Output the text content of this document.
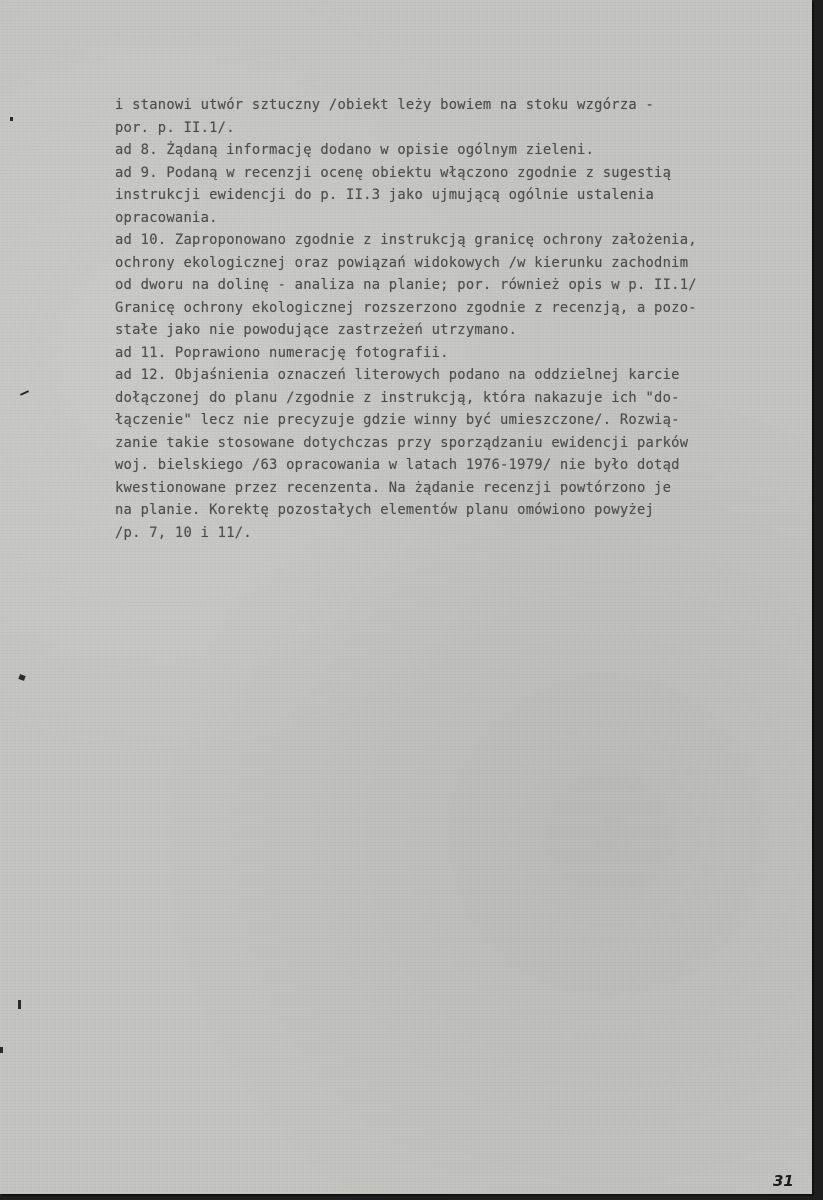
i stanowi utwór sztuczny /obiekt leży bowiem na stoku wzgórza -
por. p. II.1/.
ad 8. Żądaną informację dodano w opisie ogólnym zieleni.
ad 9. Podaną w recenzji ocenę obiektu włączono zgodnie z sugestią
instrukcji ewidencji do p. II.3 jako ujmującą ogólnie ustalenia
opracowania.
ad 10. Zaproponowano zgodnie z instrukcją granicę ochrony założenia,
ochrony ekologicznej oraz powiązań widokowych /w kierunku zachodnim
od dworu na dolinę - analiza na planie; por. również opis w p. II.1/
Granicę ochrony ekologicznej rozszerzono zgodnie z recenzją, a pozo-
stałe jako nie powodujące zastrzeżeń utrzymano.
ad 11. Poprawiono numerację fotografii.
ad 12. Objaśnienia oznaczeń literowych podano na oddzielnej karcie
dołączonej do planu /zgodnie z instrukcją, która nakazuje ich "do-
łączenie" lecz nie precyzuje gdzie winny być umieszczone/. Rozwią-
zanie takie stosowane dotychczas przy sporządzaniu ewidencji parków
woj. bielskiego /63 opracowania w latach 1976-1979/ nie było dotąd
kwestionowane przez recenzenta. Na żądanie recenzji powtórzono je
na planie. Korektę pozostałych elementów planu omówiono powyżej
/p. 7, 10 i 11/.
31
